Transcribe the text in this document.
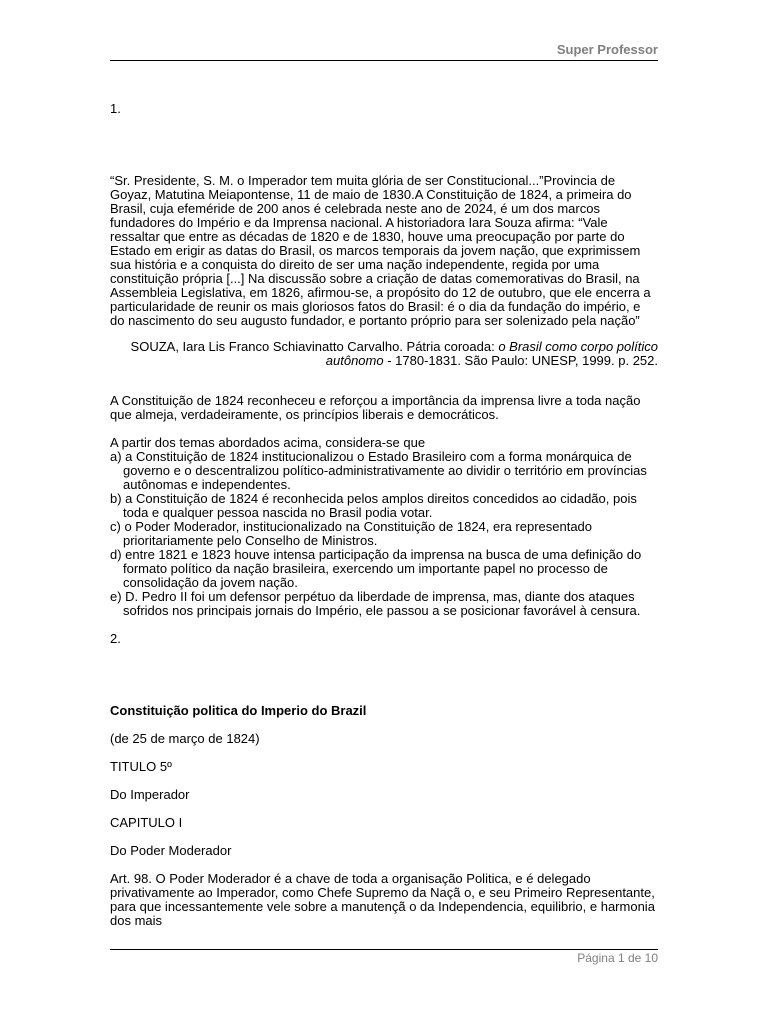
Super Professor

1.

“Sr. Presidente, S. M. o Imperador tem muita glória de ser Constitucional...”Provincia de Goyaz, Matutina Meiapontense, 11 de maio de 1830.A Constituição de 1824, a primeira do Brasil, cuja efeméride de 200 anos é celebrada neste ano de 2024, é um dos marcos fundadores do Império e da Imprensa nacional. A historiadora Iara Souza afirma: “Vale ressaltar que entre as décadas de 1820 e de 1830, houve uma preocupação por parte do Estado em erigir as datas do Brasil, os marcos temporais da jovem nação, que exprimissem sua história e a conquista do direito de ser uma nação independente, regida por uma constituição própria [...] Na discussão sobre a criação de datas comemorativas do Brasil, na Assembleia Legislativa, em 1826, afirmou-se, a propósito do 12 de outubro, que ele encerra a particularidade de reunir os mais gloriosos fatos do Brasil: é o dia da fundação do império, e do nascimento do seu augusto fundador, e portanto próprio para ser solenizado pela nação”

SOUZA, Iara Lis Franco Schiavinatto Carvalho. Pátria coroada: o Brasil como corpo político autônomo - 1780-1831. São Paulo: UNESP, 1999. p. 252.

A Constituição de 1824 reconheceu e reforçou a importância da imprensa livre a toda nação que almeja, verdadeiramente, os princípios liberais e democráticos.

A partir dos temas abordados acima, considera-se que

a) a Constituição de 1824 institucionalizou o Estado Brasileiro com a forma monárquica de governo e o descentralizou político-administrativamente ao dividir o território em províncias autônomas e independentes.
b) a Constituição de 1824 é reconhecida pelos amplos direitos concedidos ao cidadão, pois toda e qualquer pessoa nascida no Brasil podia votar.
c) o Poder Moderador, institucionalizado na Constituição de 1824, era representado prioritariamente pelo Conselho de Ministros.
d) entre 1821 e 1823 houve intensa participação da imprensa na busca de uma definição do formato político da nação brasileira, exercendo um importante papel no processo de consolidação da jovem nação.
e) D. Pedro II foi um defensor perpétuo da liberdade de imprensa, mas, diante dos ataques sofridos nos principais jornais do Império, ele passou a se posicionar favorável à censura.

2.

Constituição politica do Imperio do Brazil

(de 25 de março de 1824)

TITULO 5º

Do Imperador

CAPITULO I

Do Poder Moderador

Art. 98. O Poder Moderador é a chave de toda a organisação Politica, e é delegado privativamente ao Imperador, como Chefe Supremo da Naçã o, e seu Primeiro Representante, para que incessantemente vele sobre a manutençã o da Independencia, equilibrio, e harmonia dos mais

Página 1 de 10
